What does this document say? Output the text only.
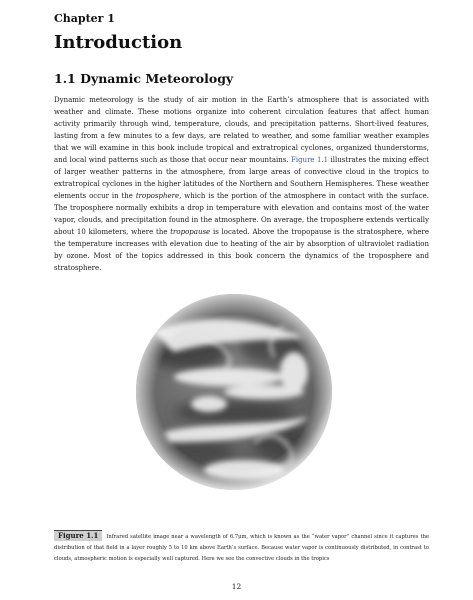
Chapter 1
Introduction
1.1 Dynamic Meteorology

Dynamic meteorology is the study of air motion in the Earth’s atmosphere that is associated with weather and climate. These motions organize into coherent circulation features that affect human activity primarily through wind, temperature, clouds, and precipitation patterns. Short-lived features, lasting from a few minutes to a few days, are related to weather, and some familiar weather examples that we will examine in this book include tropical and extratropical cyclones, organized thunderstorms, and local wind patterns such as those that occur near mountains. Figure 1.1 illustrates the mixing effect of larger weather patterns in the atmosphere, from large areas of convective cloud in the tropics to extratropical cyclones in the higher latitudes of the Northern and Southern Hemispheres. These weather elements occur in the troposphere, which is the portion of the atmosphere in contact with the surface. The troposphere normally exhibits a drop in temperature with elevation and contains most of the water vapor, clouds, and precipitation found in the atmosphere. On average, the troposphere extends vertically about 10 kilometers, where the tropopause is located. Above the tropopause is the stratosphere, where the temperature increases with elevation due to heating of the air by absorption of ultraviolet radiation by ozone. Most of the topics addressed in this book concern the dynamics of the troposphere and stratosphere.

Figure 1.1 Infrared satellite image near a wavelength of 6.7μm, which is known as the “water vapor” channel since it captures the distribution of that field in a layer roughly 5 to 10 km above Earth’s surface. Because water vapor is continuously distributed, in contrast to clouds, atmospheric motion is especially well captured. Here we see the convective clouds in the tropics
12
